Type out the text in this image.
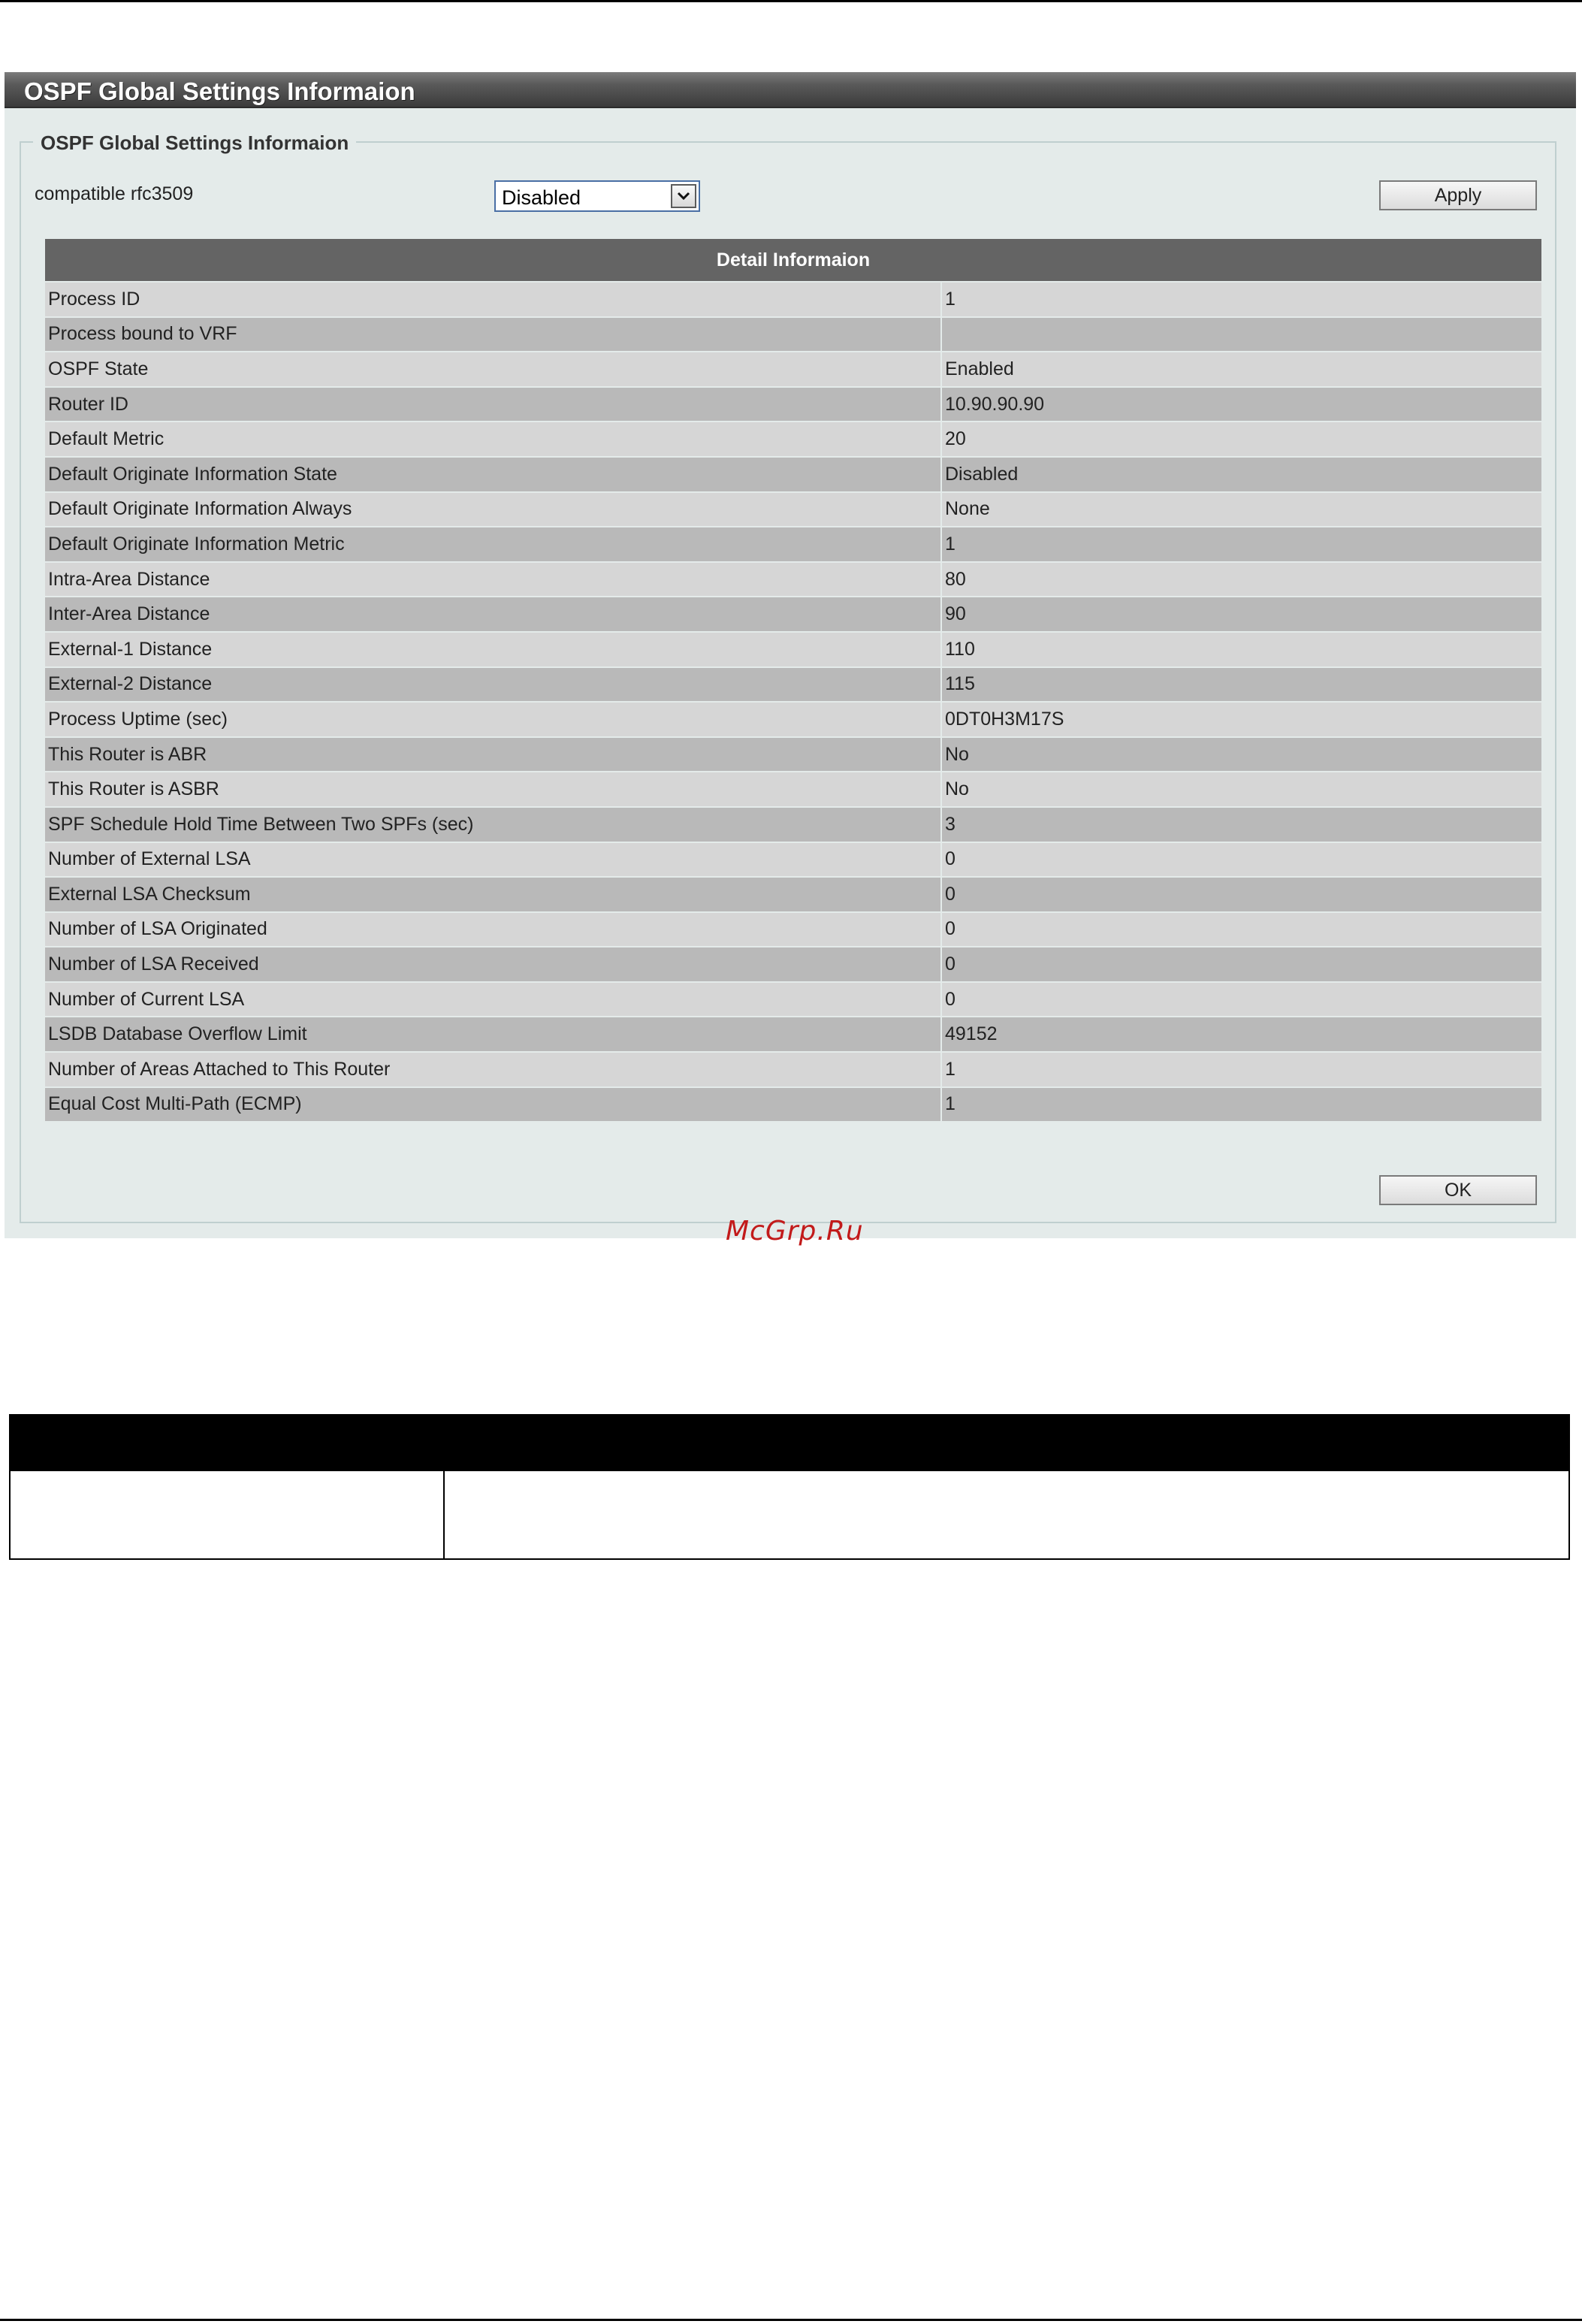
OSPF Global Settings Informaion
OSPF Global Settings Informaion
compatible rfc3509	Disabled	Apply
Detail Informaion	
Process ID	1
Process bound to VRF	
OSPF State	Enabled
Router ID	10.90.90.90
Default Metric	20
Default Originate Information State	Disabled
Default Originate Information Always	None
Default Originate Information Metric	1
Intra-Area Distance	80
Inter-Area Distance	90
External-1 Distance	110
External-2 Distance	115
Process Uptime (sec)	0DT0H3M17S
This Router is ABR	No
This Router is ASBR	No
SPF Schedule Hold Time Between Two SPFs (sec)	3
Number of External LSA	0
External LSA Checksum	0
Number of LSA Originated	0
Number of LSA Received	0
Number of Current LSA	0
LSDB Database Overflow Limit	49152
Number of Areas Attached to This Router	1
Equal Cost Multi-Path (ECMP)	1
McGrp.Ru
OK
